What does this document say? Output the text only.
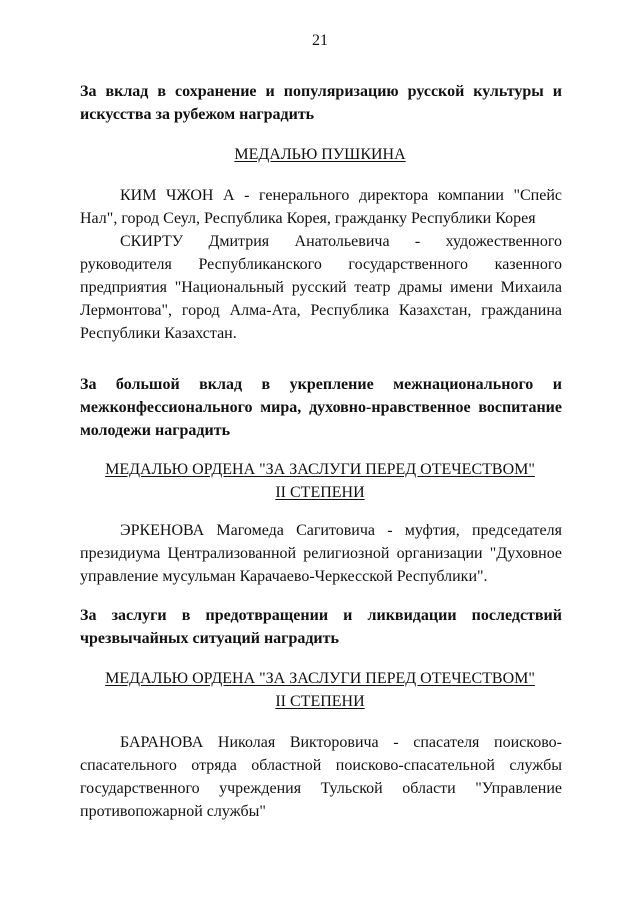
21

За вклад в сохранение и популяризацию русской культуры и искусства за рубежом наградить

МЕДАЛЬЮ ПУШКИНА

КИМ ЧЖОН А - генерального директора компании "Спейс Нал", город Сеул, Республика Корея, гражданку Республики Корея

СКИРТУ Дмитрия Анатольевича - художественного руководителя Республиканского государственного казенного предприятия "Национальный русский театр драмы имени Михаила Лермонтова", город Алма-Ата, Республика Казахстан, гражданина Республики Казахстан.

За большой вклад в укрепление межнационального и межконфессионального мира, духовно-нравственное воспитание молодежи наградить

МЕДАЛЬЮ ОРДЕНА "ЗА ЗАСЛУГИ ПЕРЕД ОТЕЧЕСТВОМ"
II СТЕПЕНИ

ЭРКЕНОВА Магомеда Сагитовича - муфтия, председателя президиума Централизованной религиозной организации "Духовное управление мусульман Карачаево-Черкесской Республики".

За заслуги в предотвращении и ликвидации последствий чрезвычайных ситуаций наградить

МЕДАЛЬЮ ОРДЕНА "ЗА ЗАСЛУГИ ПЕРЕД ОТЕЧЕСТВОМ"
II СТЕПЕНИ

БАРАНОВА Николая Викторовича - спасателя поисково-спасательного отряда областной поисково-спасательной службы государственного учреждения Тульской области "Управление противопожарной службы"
